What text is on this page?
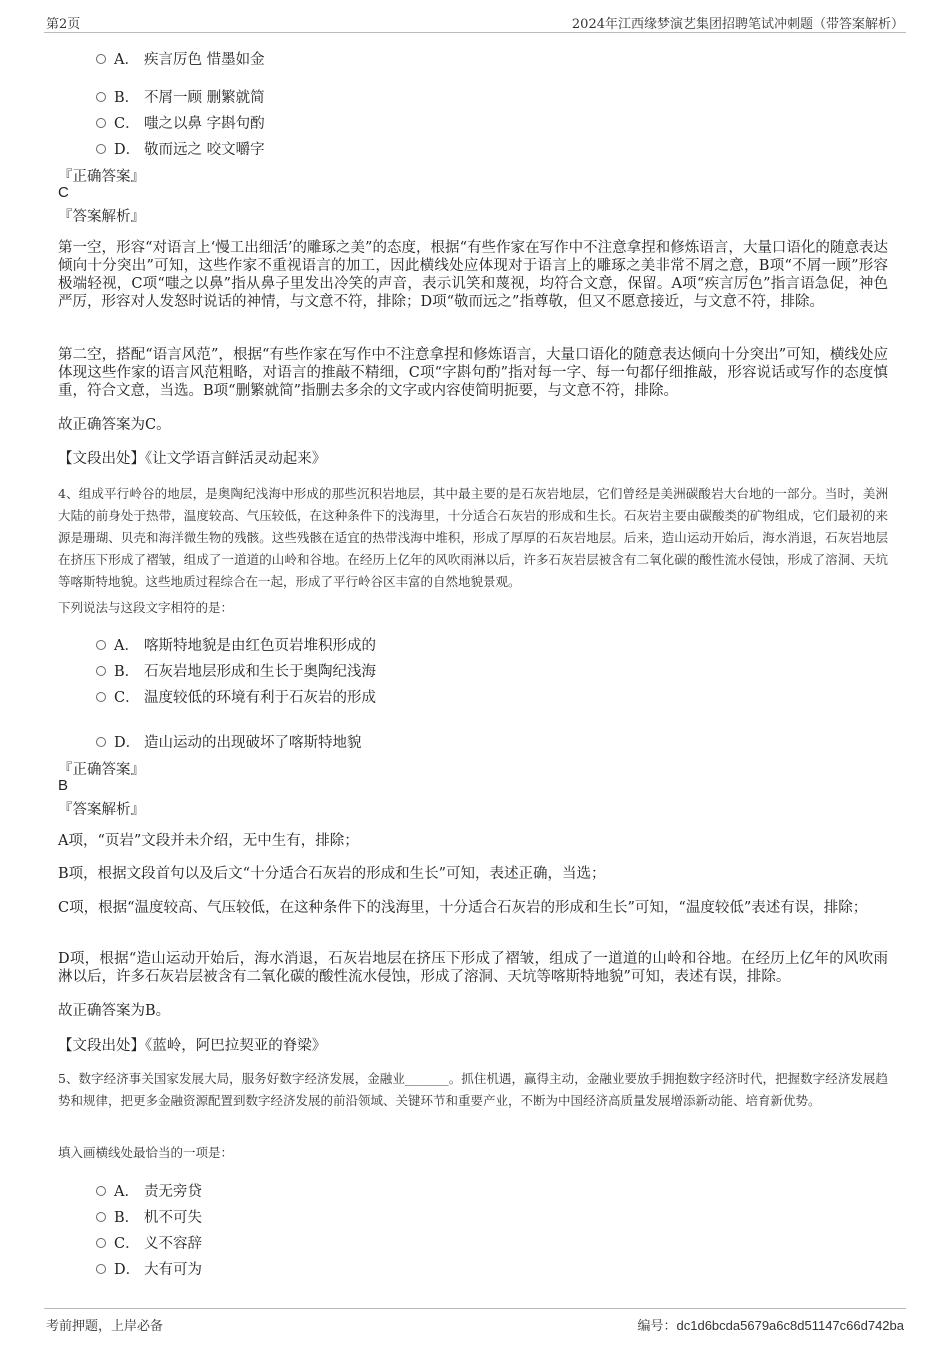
第2页	2024年江西缘梦演艺集团招聘笔试冲刺题（带答案解析）
A． 疾言厉色 惜墨如金
B． 不屑一顾 删繁就简
C． 嗤之以鼻 字斟句酌
D． 敬而远之 咬文嚼字
『正确答案』
C
『答案解析』
第一空，形容“对语言上‘慢工出细活’的雕琢之美”的态度，根据“有些作家在写作中不注意拿捏和修炼语言，大量口语化的随意表达倾向十分突出”可知，这些作家不重视语言的加工，因此横线处应体现对于语言上的雕琢之美非常不屑之意，B项“不屑一顾”形容极端轻视，C项“嗤之以鼻”指从鼻子里发出冷笑的声音，表示讥笑和蔑视，均符合文意，保留。A项“疾言厉色”指言语急促，神色严厉，形容对人发怒时说话的神情，与文意不符，排除；D项“敬而远之”指尊敬，但又不愿意接近，与文意不符，排除。
第二空，搭配“语言风范”，根据“有些作家在写作中不注意拿捏和修炼语言，大量口语化的随意表达倾向十分突出”可知，横线处应体现这些作家的语言风范粗略，对语言的推敲不精细，C项“字斟句酌”指对每一字、每一句都仔细推敲，形容说话或写作的态度慎重，符合文意，当选。B项“删繁就简”指删去多余的文字或内容使简明扼要，与文意不符，排除。
故正确答案为C。
【文段出处】《让文学语言鲜活灵动起来》
4、组成平行岭谷的地层，是奥陶纪浅海中形成的那些沉积岩地层，其中最主要的是石灰岩地层，它们曾经是美洲碳酸岩大台地的一部分。当时，美洲大陆的前身处于热带，温度较高、气压较低，在这种条件下的浅海里，十分适合石灰岩的形成和生长。石灰岩主要由碳酸类的矿物组成，它们最初的来源是珊瑚、贝壳和海洋微生物的残骸。这些残骸在适宜的热带浅海中堆积，形成了厚厚的石灰岩地层。后来，造山运动开始后，海水消退，石灰岩地层在挤压下形成了褶皱，组成了一道道的山岭和谷地。在经历上亿年的风吹雨淋以后，许多石灰岩层被含有二氧化碳的酸性流水侵蚀，形成了溶洞、天坑等喀斯特地貌。这些地质过程综合在一起，形成了平行岭谷区丰富的自然地貌景观。
下列说法与这段文字相符的是：
A． 喀斯特地貌是由红色页岩堆积形成的
B． 石灰岩地层形成和生长于奥陶纪浅海
C． 温度较低的环境有利于石灰岩的形成
D． 造山运动的出现破坏了喀斯特地貌
『正确答案』
B
『答案解析』
A项，“页岩”文段并未介绍，无中生有，排除；
B项，根据文段首句以及后文“十分适合石灰岩的形成和生长”可知，表述正确，当选；
C项，根据“温度较高、气压较低，在这种条件下的浅海里，十分适合石灰岩的形成和生长”可知，“温度较低”表述有误，排除；
D项，根据“造山运动开始后，海水消退，石灰岩地层在挤压下形成了褶皱，组成了一道道的山岭和谷地。在经历上亿年的风吹雨淋以后，许多石灰岩层被含有二氧化碳的酸性流水侵蚀，形成了溶洞、天坑等喀斯特地貌”可知，表述有误，排除。
故正确答案为B。
【文段出处】《蓝岭，阿巴拉契亚的脊梁》
5、数字经济事关国家发展大局，服务好数字经济发展，金融业_______。抓住机遇，赢得主动，金融业要放手拥抱数字经济时代，把握数字经济发展趋势和规律，把更多金融资源配置到数字经济发展的前沿领域、关键环节和重要产业，不断为中国经济高质量发展增添新动能、培育新优势。
填入画横线处最恰当的一项是：
A． 责无旁贷
B． 机不可失
C． 义不容辞
D． 大有可为
考前押题，上岸必备	编号：dc1d6bcda5679a6c8d51147c66d742ba
